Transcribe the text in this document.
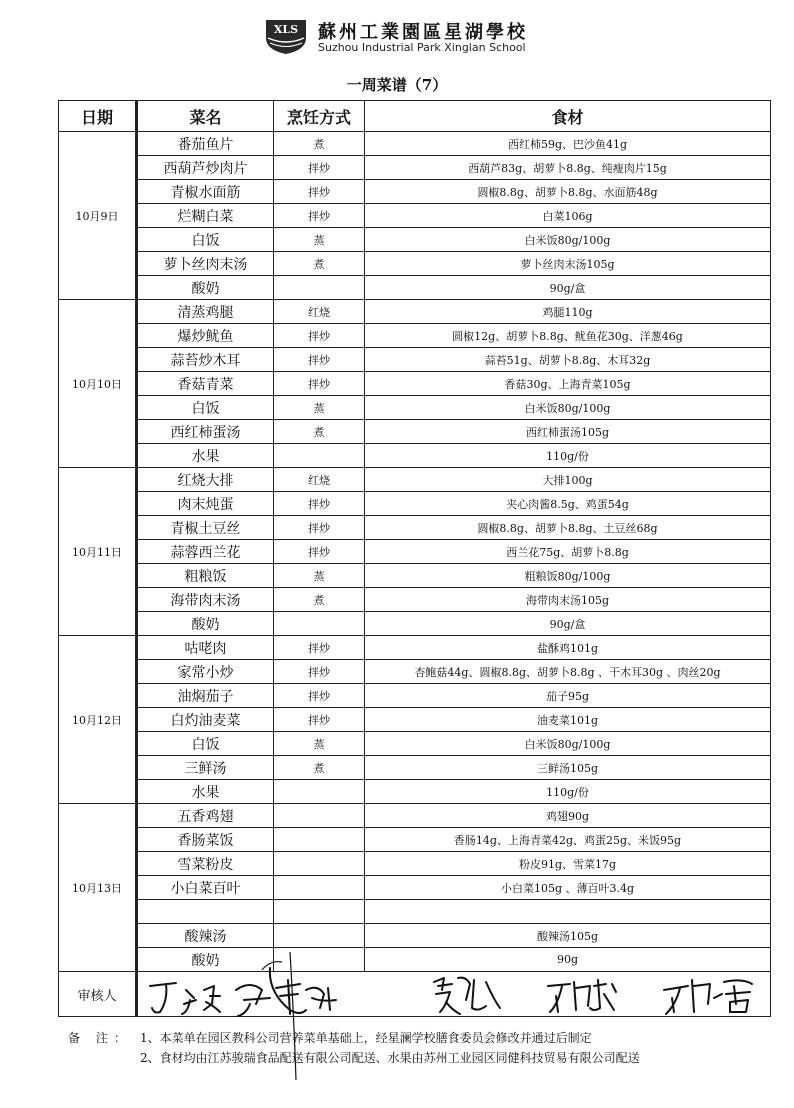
XLS 蘇州工業園區星湖學校
Suzhou Industrial Park Xinglan School
一周菜谱（7）
日期	菜名	烹饪方式	食材
10月9日	番茄鱼片	煮	西红柿59g、巴沙鱼41g
	西葫芦炒肉片	拌炒	西葫芦83g、胡萝卜8.8g、纯瘦肉片15g
	青椒水面筋	拌炒	圆椒8.8g、胡萝卜8.8g、水面筋48g
	烂糊白菜	拌炒	白菜106g
	白饭	蒸	白米饭80g/100g
	萝卜丝肉末汤	煮	萝卜丝肉末汤105g
	酸奶		90g/盒
10月10日	清蒸鸡腿	红烧	鸡腿110g
	爆炒鱿鱼	拌炒	圆椒12g、胡萝卜8.8g、鱿鱼花30g、洋葱46g
	蒜苔炒木耳	拌炒	蒜苔51g、胡萝卜8.8g、木耳32g
	香菇青菜	拌炒	香菇30g、上海青菜105g
	白饭	蒸	白米饭80g/100g
	西红柿蛋汤	煮	西红柿蛋汤105g
	水果		110g/份
10月11日	红烧大排	红烧	大排100g
	肉末炖蛋	拌炒	夹心肉酱8.5g、鸡蛋54g
	青椒土豆丝	拌炒	圆椒8.8g、胡萝卜8.8g、土豆丝68g
	蒜蓉西兰花	拌炒	西兰花75g、胡萝卜8.8g
	粗粮饭	蒸	粗粮饭80g/100g
	海带肉末汤	煮	海带肉末汤105g
	酸奶		90g/盒
10月12日	咕咾肉	拌炒	盐酥鸡101g
	家常小炒	拌炒	杏鲍菇44g、圆椒8.8g、胡萝卜8.8g 、干木耳30g 、肉丝20g
	油焖茄子	拌炒	茄子95g
	白灼油麦菜	拌炒	油麦菜101g
	白饭	蒸	白米饭80g/100g
	三鲜汤	煮	三鲜汤105g
	水果		110g/份
10月13日	五香鸡翅		鸡翅90g
	香肠菜饭		香肠14g、上海青菜42g、鸡蛋25g、米饭95g
	雪菜粉皮		粉皮91g、雪菜17g
	小白菜百叶		小白菜105g 、薄百叶3.4g

	酸辣汤		酸辣汤105g
	酸奶		90g
审核人			
备 注： 1、本菜单在园区教科公司营养菜单基础上，经星澜学校膳食委员会修改并通过后制定
2、食材均由江苏骏瑞食品配送有限公司配送、水果由苏州工业园区同健科技贸易有限公司配送
